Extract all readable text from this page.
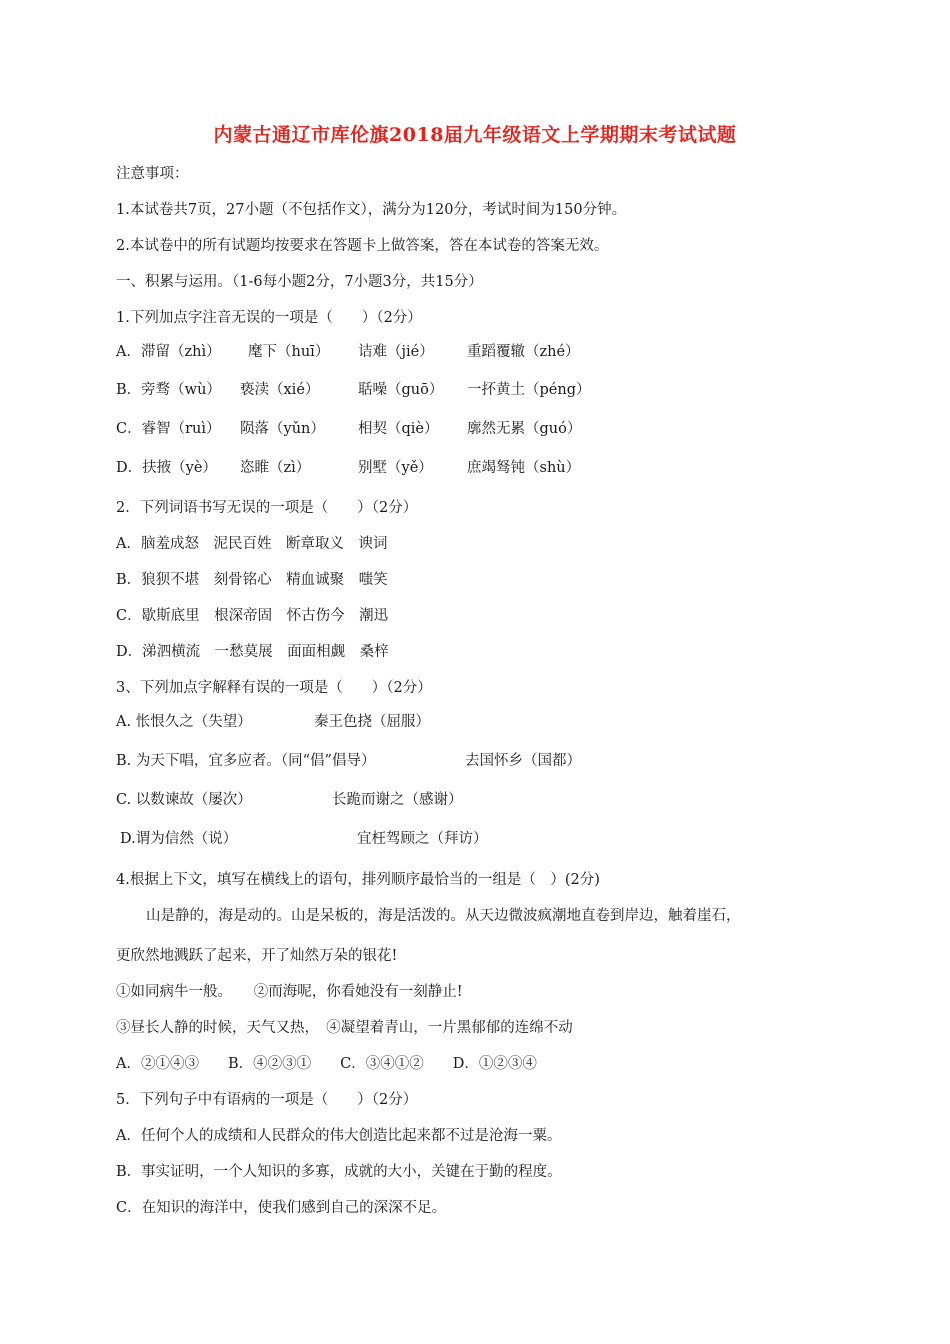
内蒙古通辽市库伦旗2018届九年级语文上学期期末考试试题
注意事项：
1.本试卷共7页，27小题（不包括作文），满分为120分，考试时间为150分钟。
2.本试卷中的所有试题均按要求在答题卡上做答案，答在本试卷的答案无效。
一、积累与运用。（1-6每小题2分，7小题3分，共15分）
1.下列加点字注音无误的一项是（　　）（2分）
A．滞留（zhì） 麾下（huī） 诘难（jié） 重蹈覆辙（zhé）
B．旁骛（wù） 亵渎（xié）	聒噪（guō） 一抔黄土（péng）
C．睿智（ruì） 陨落（yǔn） 相契（qiè） 廓然无累（guó）
D．扶掖（yè） 恣睢（zì）	别墅（yě） 庶竭驽钝（shù）
2．下列词语书写无误的一项是（　　）（2分）
A．脑羞成怒　泥民百姓　断章取义　谀词
B．狼狈不堪　刻骨铭心　精血诚聚　嗤笑
C．歇斯底里　根深帝固　怀古伤今　潮迅
D．涕泗横流　一愁莫展　面面相觑　桑梓
3、下列加点字解释有误的一项是（　　）（2分）
A. 怅恨久之（失望）	秦王色挠（屈服）
B. 为天下唱，宜多应者。（同“倡”倡导）	去国怀乡（国都）
C. 以数谏故（屡次）	长跪而谢之（感谢）
D.谓为信然（说）	宜枉驾顾之（拜访）
4.根据上下文，填写在横线上的语句，排列顺序最恰当的一组是（　）(2分)
山是静的，海是动的。山是呆板的，海是活泼的。从天边微波疯潮地直卷到岸边，触着崖石，
更欣然地溅跃了起来，开了灿然万朵的银花!
①如同病牛一般。　　②而海呢，你看她没有一刻静止!
③昼长人静的时候，天气又热，　④凝望着青山，一片黑郁郁的连绵不动
A．②①④③　　B．④②③①　　C．③④①②　　D．①②③④
5．下列句子中有语病的一项是（　　）（2分）
A．任何个人的成绩和人民群众的伟大创造比起来都不过是沧海一粟。
B．事实证明，一个人知识的多寡，成就的大小，关键在于勤的程度。
C．在知识的海洋中，使我们感到自己的深深不足。
